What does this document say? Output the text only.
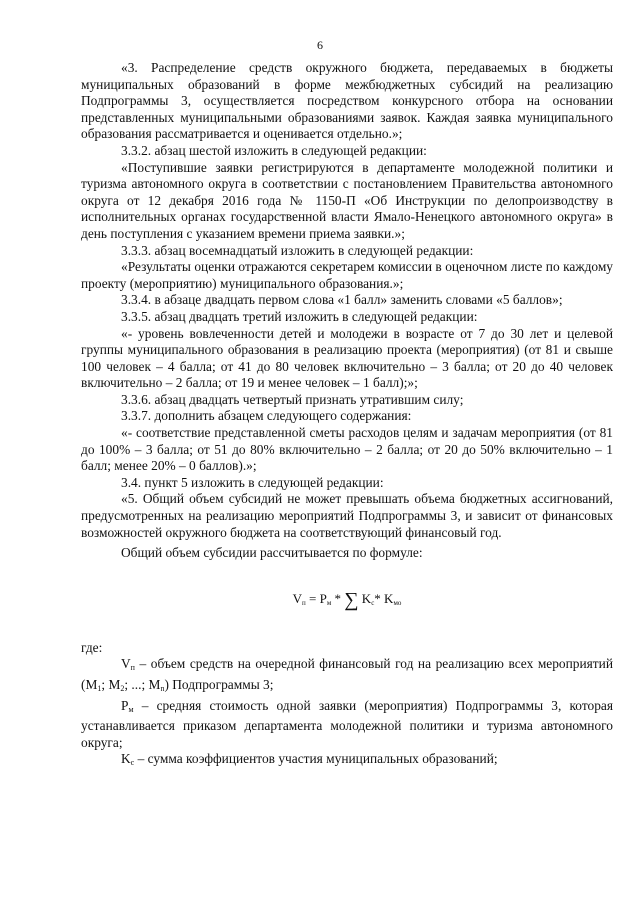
6

«3. Распределение средств окружного бюджета, передаваемых в бюджеты муниципальных образований в форме межбюджетных субсидий на реализацию Подпрограммы 3, осуществляется посредством конкурсного отбора на основании представленных муниципальными образованиями заявок. Каждая заявка муниципального образования рассматривается и оценивается отдельно.»;

3.3.2. абзац шестой изложить в следующей редакции:

«Поступившие заявки регистрируются в департаменте молодежной политики и туризма автономного округа в соответствии с постановлением Правительства автономного округа от 12 декабря 2016 года № 1150-П «Об Инструкции по делопроизводству в исполнительных органах государственной власти Ямало-Ненецкого автономного округа» в день поступления с указанием времени приема заявки.»;

3.3.3. абзац восемнадцатый изложить в следующей редакции:

«Результаты оценки отражаются секретарем комиссии в оценочном листе по каждому проекту (мероприятию) муниципального образования.»;

3.3.4. в абзаце двадцать первом слова «1 балл» заменить словами «5 баллов»;

3.3.5. абзац двадцать третий изложить в следующей редакции:

«- уровень вовлеченности детей и молодежи в возрасте от 7 до 30 лет и целевой группы муниципального образования в реализацию проекта (мероприятия) (от 81 и свыше 100 человек – 4 балла; от 41 до 80 человек включительно – 3 балла; от 20 до 40 человек включительно – 2 балла; от 19 и менее человек – 1 балл);»;

3.3.6. абзац двадцать четвертый признать утратившим силу;

3.3.7. дополнить абзацем следующего содержания:

«- соответствие представленной сметы расходов целям и задачам мероприятия (от 81 до 100% – 3 балла; от 51 до 80% включительно – 2 балла; от 20 до 50% включительно – 1 балл; менее 20% – 0 баллов).»;

3.4. пункт 5 изложить в следующей редакции:

«5. Общий объем субсидий не может превышать объема бюджетных ассигнований, предусмотренных на реализацию мероприятий Подпрограммы 3, и зависит от финансовых возможностей окружного бюджета на соответствующий финансовый год.

Общий объем субсидии рассчитывается по формуле:

$V_п = P_м$ * ∑ $K_с*$ $K_{мо}$

где:

$V_п$ – объем средств на очередной финансовый год на реализацию всех мероприятий ($M_1$; $M_2$; ...; $M_n$) Подпрограммы 3;

$P_м$ – средняя стоимость одной заявки (мероприятия) Подпрограммы 3, которая устанавливается приказом департамента молодежной политики и туризма автономного округа;

$K_с$ – сумма коэффициентов участия муниципальных образований;
